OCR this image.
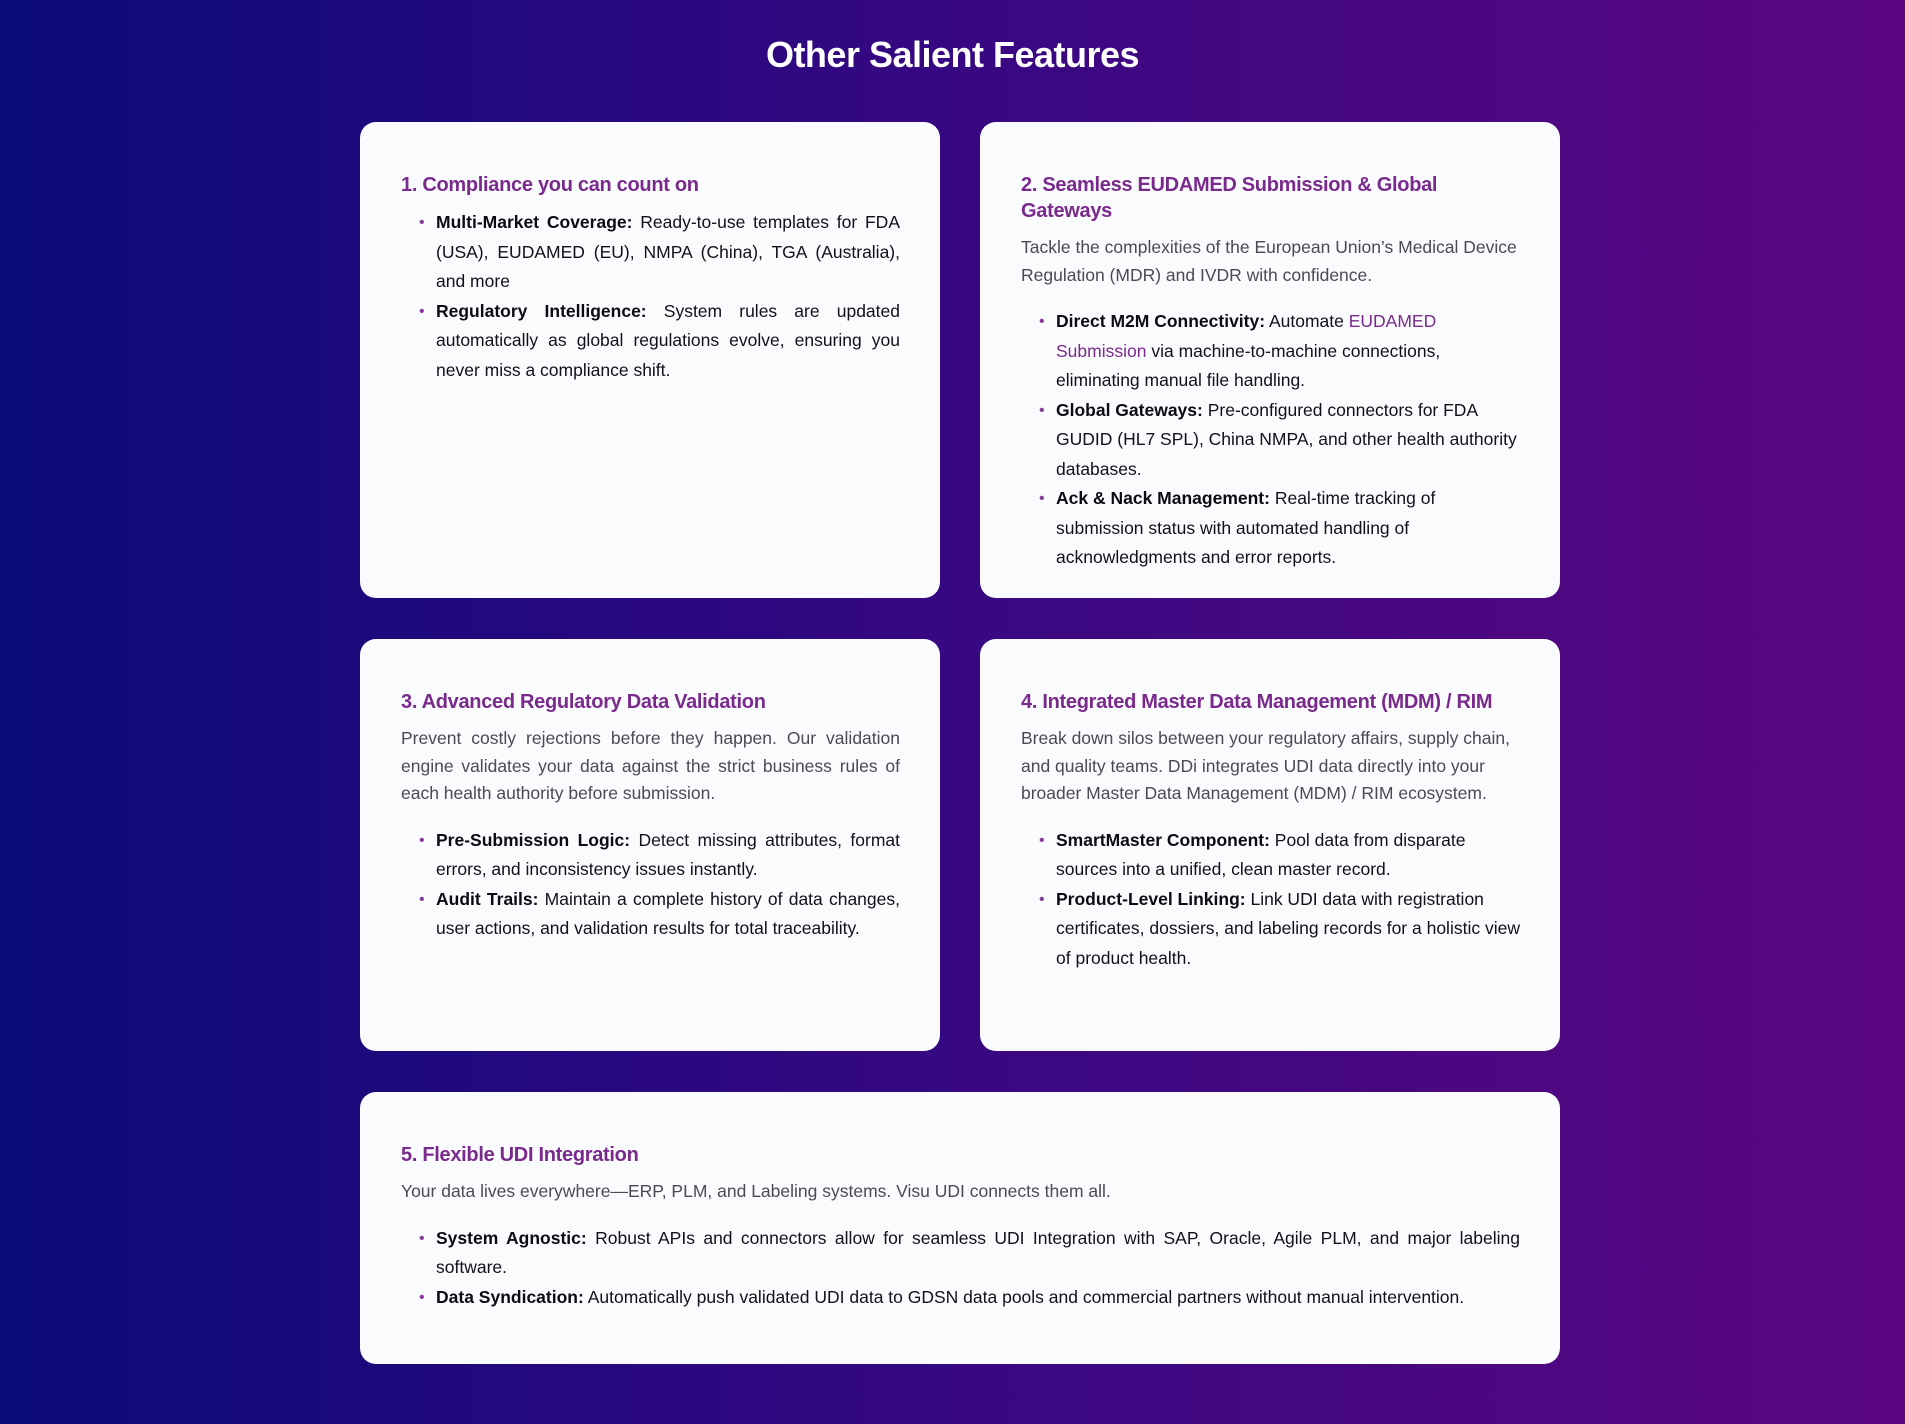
Other Salient Features
1. Compliance you can count on
• Multi-Market Coverage: Ready-to-use templates for FDA (USA), EUDAMED (EU), NMPA (China), TGA (Australia), and more
• Regulatory Intelligence: System rules are updated automatically as global regulations evolve, ensuring you never miss a compliance shift.
2. Seamless EUDAMED Submission & Global Gateways

Tackle the complexities of the European Union’s Medical Device Regulation (MDR) and IVDR with confidence.

• Direct M2M Connectivity: Automate EUDAMED Submission via machine-to-machine connections, eliminating manual file handling.
• Global Gateways: Pre-configured connectors for FDA GUDID (HL7 SPL), China NMPA, and other health authority databases.
• Ack & Nack Management: Real-time tracking of submission status with automated handling of acknowledgments and error reports.
3. Advanced Regulatory Data Validation

Prevent costly rejections before they happen. Our validation engine validates your data against the strict business rules of each health authority before submission.

• Pre-Submission Logic: Detect missing attributes, format errors, and inconsistency issues instantly.
• Audit Trails: Maintain a complete history of data changes, user actions, and validation results for total traceability.
4. Integrated Master Data Management (MDM) / RIM

Break down silos between your regulatory affairs, supply chain, and quality teams. DDi integrates UDI data directly into your broader Master Data Management (MDM) / RIM ecosystem.

• SmartMaster Component: Pool data from disparate sources into a unified, clean master record.
• Product-Level Linking: Link UDI data with registration certificates, dossiers, and labeling records for a holistic view of product health.
5. Flexible UDI Integration

Your data lives everywhere—ERP, PLM, and Labeling systems. Visu UDI connects them all.

• System Agnostic: Robust APIs and connectors allow for seamless UDI Integration with SAP, Oracle, Agile PLM, and major labeling software.
• Data Syndication: Automatically push validated UDI data to GDSN data pools and commercial partners without manual intervention.
